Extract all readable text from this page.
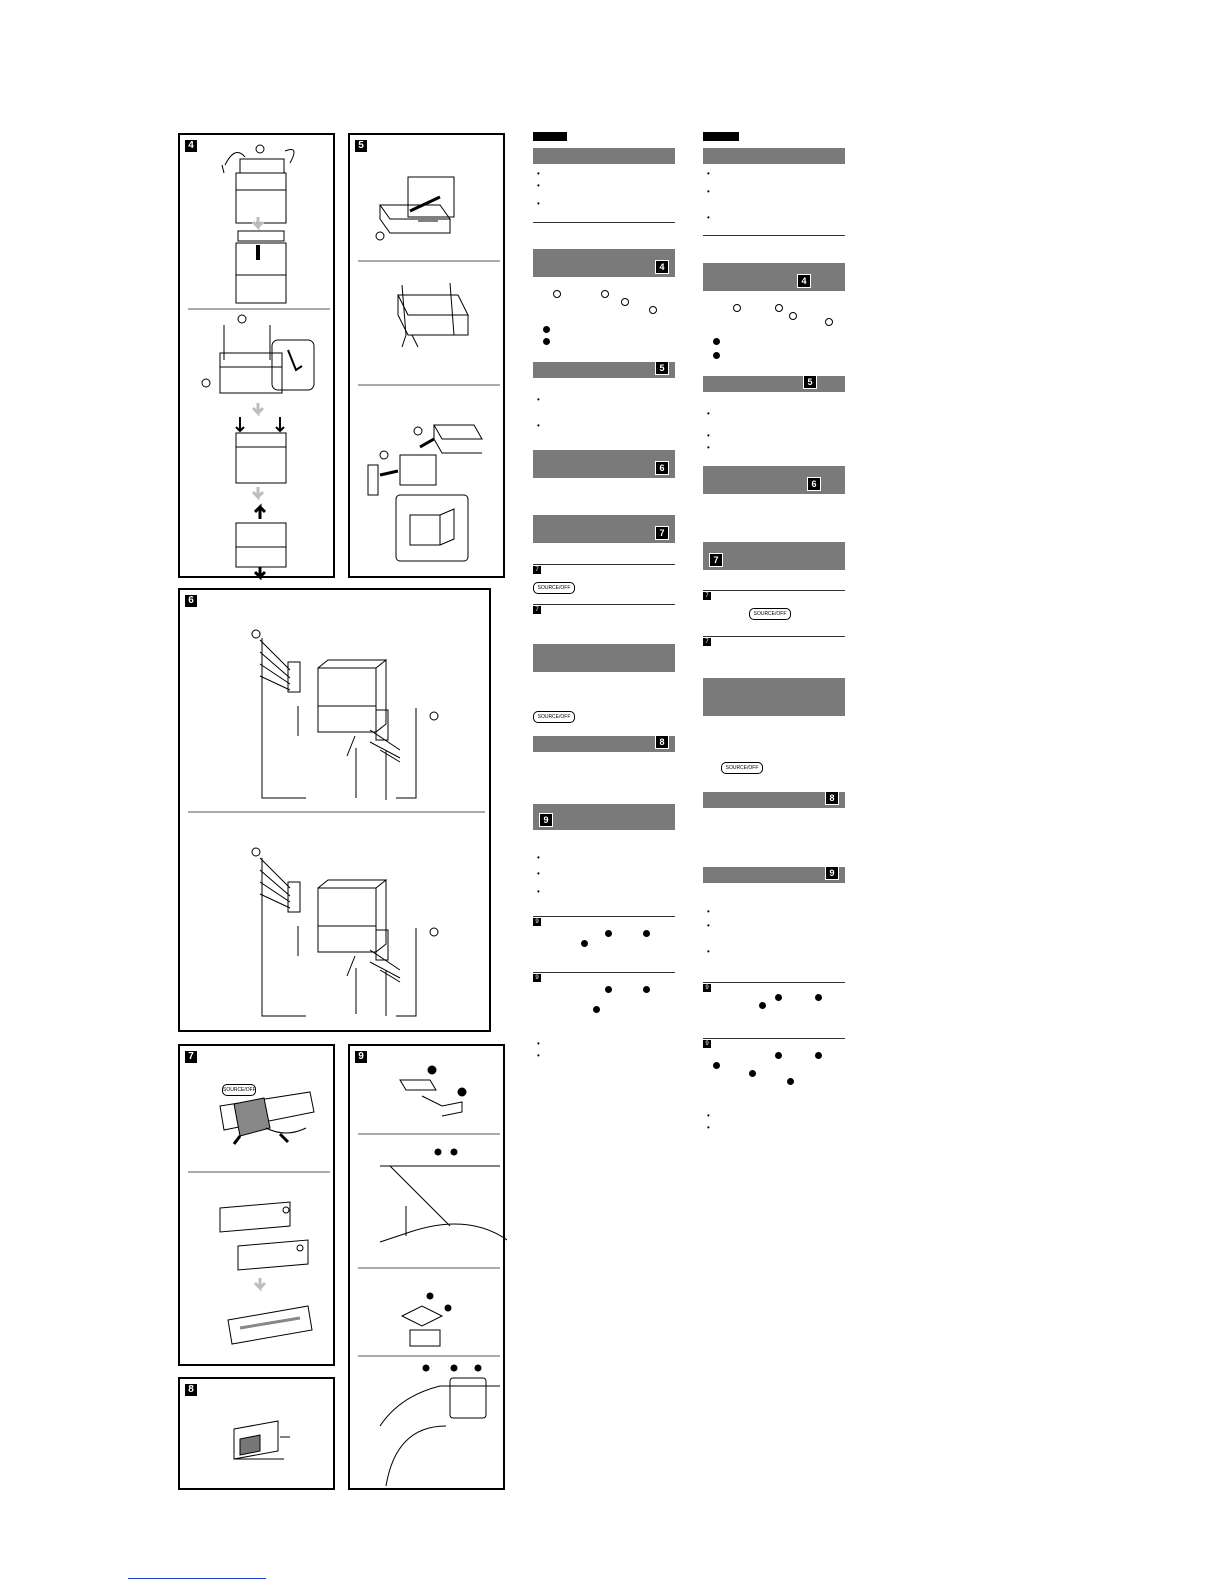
4	5
6
7
SOURCE/OFF
8
9
•
•
•
4
5
•
•
6
7
7
SOURCE/OFF
7
SOURCE/OFF
8
9
•
•
•
9
9
•
•
•
•
•
4
5
•
•
•
6
7
7
SOURCE/OFF
7
SOURCE/OFF
8
9
•
•
•
9
9
•
•
